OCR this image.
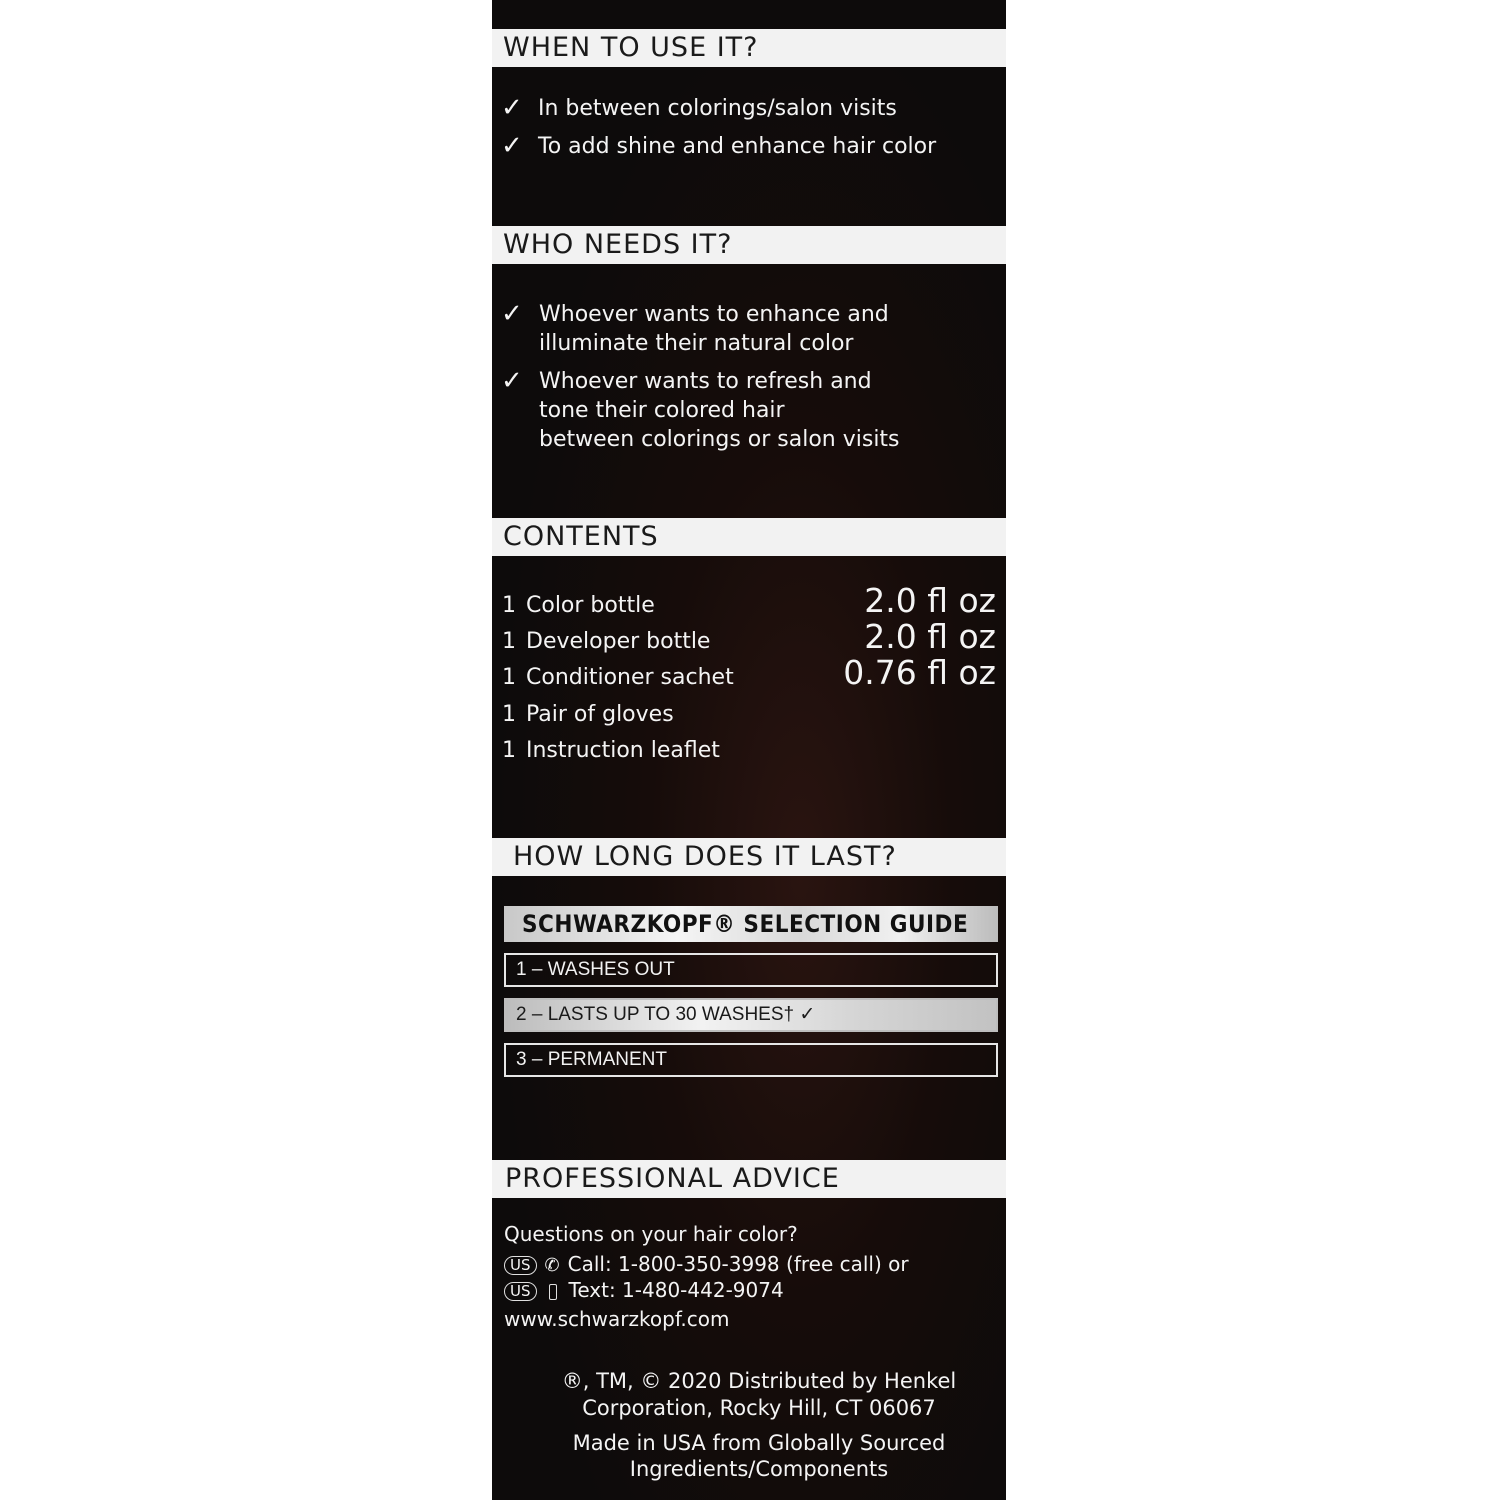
WHEN TO USE IT?
✓ In between colorings/salon visits
✓ To add shine and enhance hair color
WHO NEEDS IT?
✓ Whoever wants to enhance and
illuminate their natural color
✓ Whoever wants to refresh and
tone their colored hair
between colorings or salon visits
CONTENTS
1 Color bottle
1 Developer bottle
1 Conditioner sachet
1 Pair of gloves
1 Instruction leaflet
2.0 fl oz
2.0 fl oz
0.76 fl oz
HOW LONG DOES IT LAST?
SCHWARZKOPF® SELECTION GUIDE
1 – WASHES OUT
2 – LASTS UP TO 30 WASHES† ✓
3 – PERMANENT
PROFESSIONAL ADVICE
Questions on your hair color?
US ✆ Call: 1-800-350-3998 (free call) or
US Text: 1-480-442-9074
www.schwarzkopf.com
®, TM, © 2020 Distributed by Henkel
Corporation, Rocky Hill, CT 06067
Made in USA from Globally Sourced
Ingredients/Components
